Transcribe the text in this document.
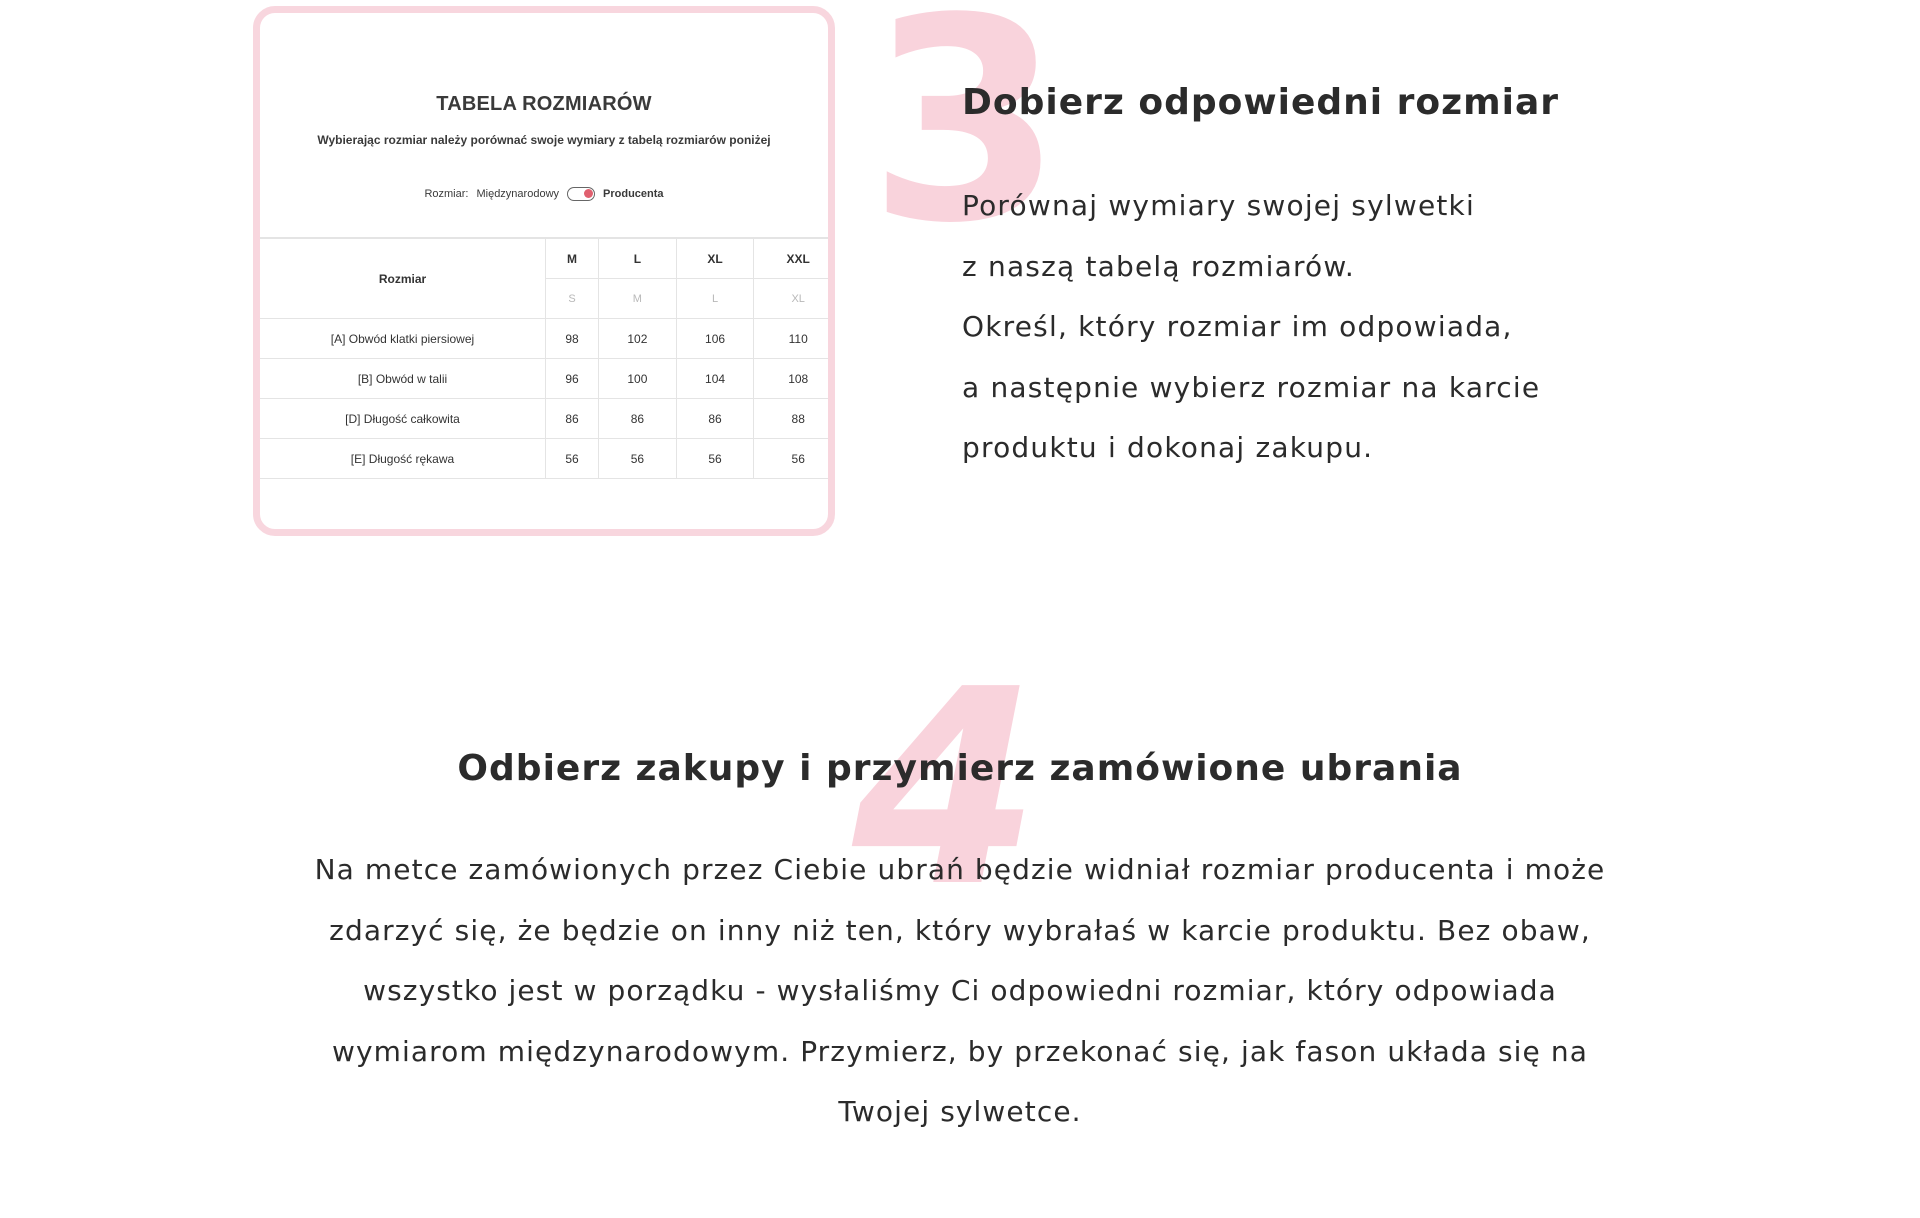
TABELA ROZMIARÓW
Wybierając rozmiar należy porównać swoje wymiary z tabelą rozmiarów poniżej
Rozmiar: Międzynarodowy	Producenta
Rozmiar	M	L	XL	XXL
	S	M	L	XL
[A] Obwód klatki piersiowej	98	102	106	110
[B] Obwód w talii	96	100	104	108
[D] Długość całkowita	86	86	86	88
[E] Długość rękawa	56	56	56	56
3
Dobierz odpowiedni rozmiar
Porównaj wymiary swojej sylwetki
z naszą tabelą rozmiarów.
Określ, który rozmiar im odpowiada,
a następnie wybierz rozmiar na karcie
produktu i dokonaj zakupu.
4
Odbierz zakupy i przymierz zamówione ubrania
Na metce zamówionych przez Ciebie ubrań będzie widniał rozmiar producenta i może
zdarzyć się, że będzie on inny niż ten, który wybrałaś w karcie produktu. Bez obaw,
wszystko jest w porządku - wysłaliśmy Ci odpowiedni rozmiar, który odpowiada
wymiarom międzynarodowym. Przymierz, by przekonać się, jak fason układa się na
Twojej sylwetce.
